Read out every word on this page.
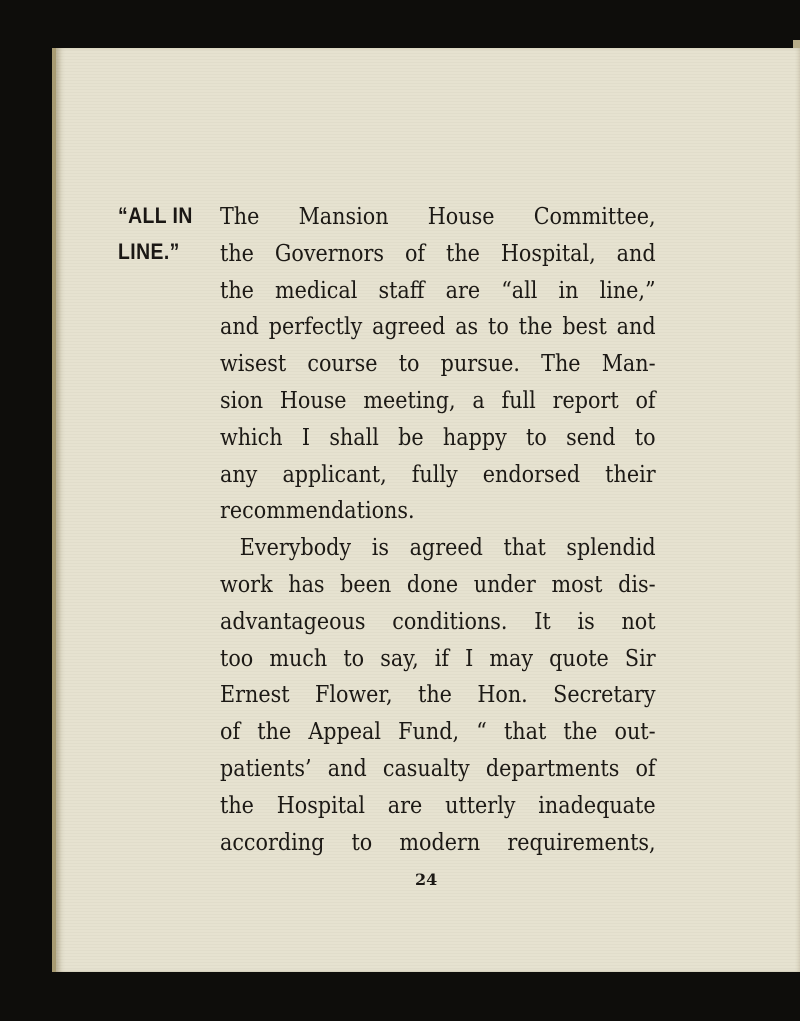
“ALL IN
LINE.”
The Mansion House Committee,
the Governors of the Hospital, and
the medical staff are “all in line,”
and perfectly agreed as to the best and
wisest course to pursue. The Man-
sion House meeting, a full report of
which I shall be happy to send to
any applicant, fully endorsed their
recommendations.
Everybody is agreed that splendid
work has been done under most dis-
advantageous conditions. It is not
too much to say, if I may quote Sir
Ernest Flower, the Hon. Secretary
of the Appeal Fund, “ that the out-
patients’ and casualty departments of
the Hospital are utterly inadequate
according to modern requirements,
24
